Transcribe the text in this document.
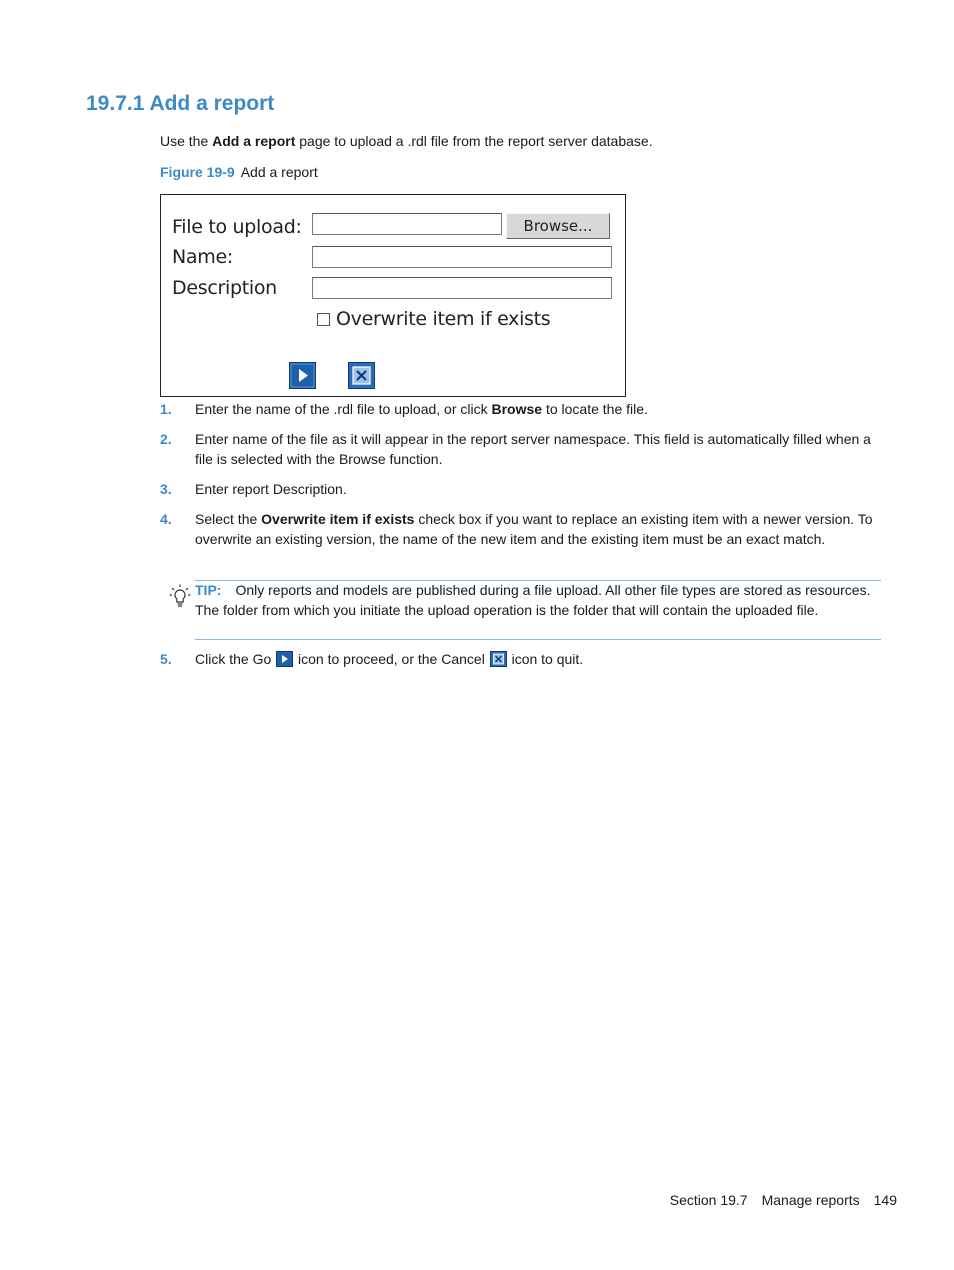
19.7.1 Add a report

Use the Add a report page to upload a .rdl file from the report server database.

Figure 19-9 Add a report

File to upload:	Browse...
Name:
Description
Overwrite item if exists
1. Enter the name of the .rdl file to upload, or click Browse to locate the file.
2. Enter name of the file as it will appear in the report server namespace. This field is automatically filled when a file is selected with the Browse function.
3. Enter report Description.
4. Select the Overwrite item if exists check box if you want to replace an existing item with a newer version. To overwrite an existing version, the name of the new item and the existing item must be an exact match.
TIP: Only reports and models are published during a file upload. All other file types are stored as resources. The folder from which you initiate the upload operation is the folder that will contain the uploaded file.
5. Click the Go  icon to proceed, or the Cancel  icon to quit.
Section 19.7 Manage reports 149
